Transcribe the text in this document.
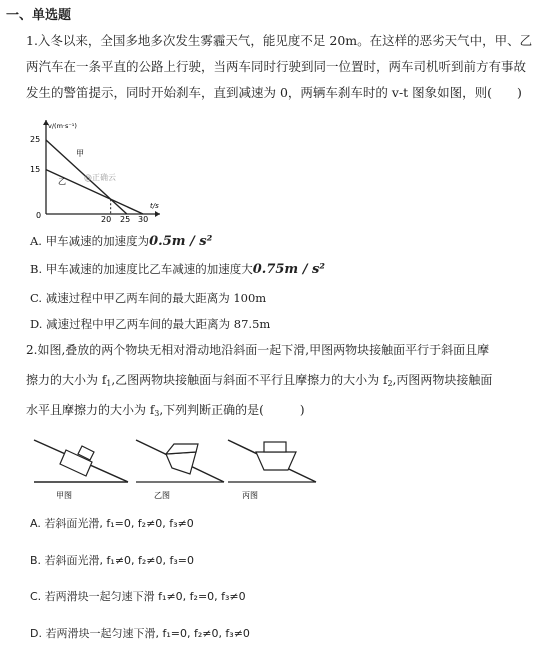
一、单选题
1.入冬以来，全国多地多次发生雾霾天气，能见度不足 20m。在这样的恶劣天气中，甲、乙
两汽车在一条平直的公路上行驶，当两车同时行驶到同一位置时，两车司机听到前方有事故
发生的警笛提示，同时开始刹车，直到减速为 0，两辆车刹车时的 v-t 图象如图，则(　　)
v/(m·s⁻¹)
t/s
25
15
0	20 25 30
甲
乙 @正确云
A. 甲车减速的加速度为0.5m / s²
B. 甲车减速的加速度比乙车减速的加速度大0.75m / s²
C. 减速过程中甲乙两车间的最大距离为 100m
D. 减速过程中甲乙两车间的最大距离为 87.5m
2.如图,叠放的两个物块无相对滑动地沿斜面一起下滑,甲图两物块接触面平行于斜面且摩
擦力的大小为 $f_1$,乙图两物块接触面与斜面不平行且摩擦力的大小为 $f_2$,丙图两物块接触面
水平且摩擦力的大小为 $f_3$,下列判断正确的是(　　　)
甲图	乙图	丙图
A. 若斜面光滑, f₁=0, f₂≠0, f₃≠0
B. 若斜面光滑, f₁≠0, f₂≠0, f₃=0
C. 若两滑块一起匀速下滑 f₁≠0, f₂=0, f₃≠0
D. 若两滑块一起匀速下滑, f₁=0, f₂≠0, f₃≠0
